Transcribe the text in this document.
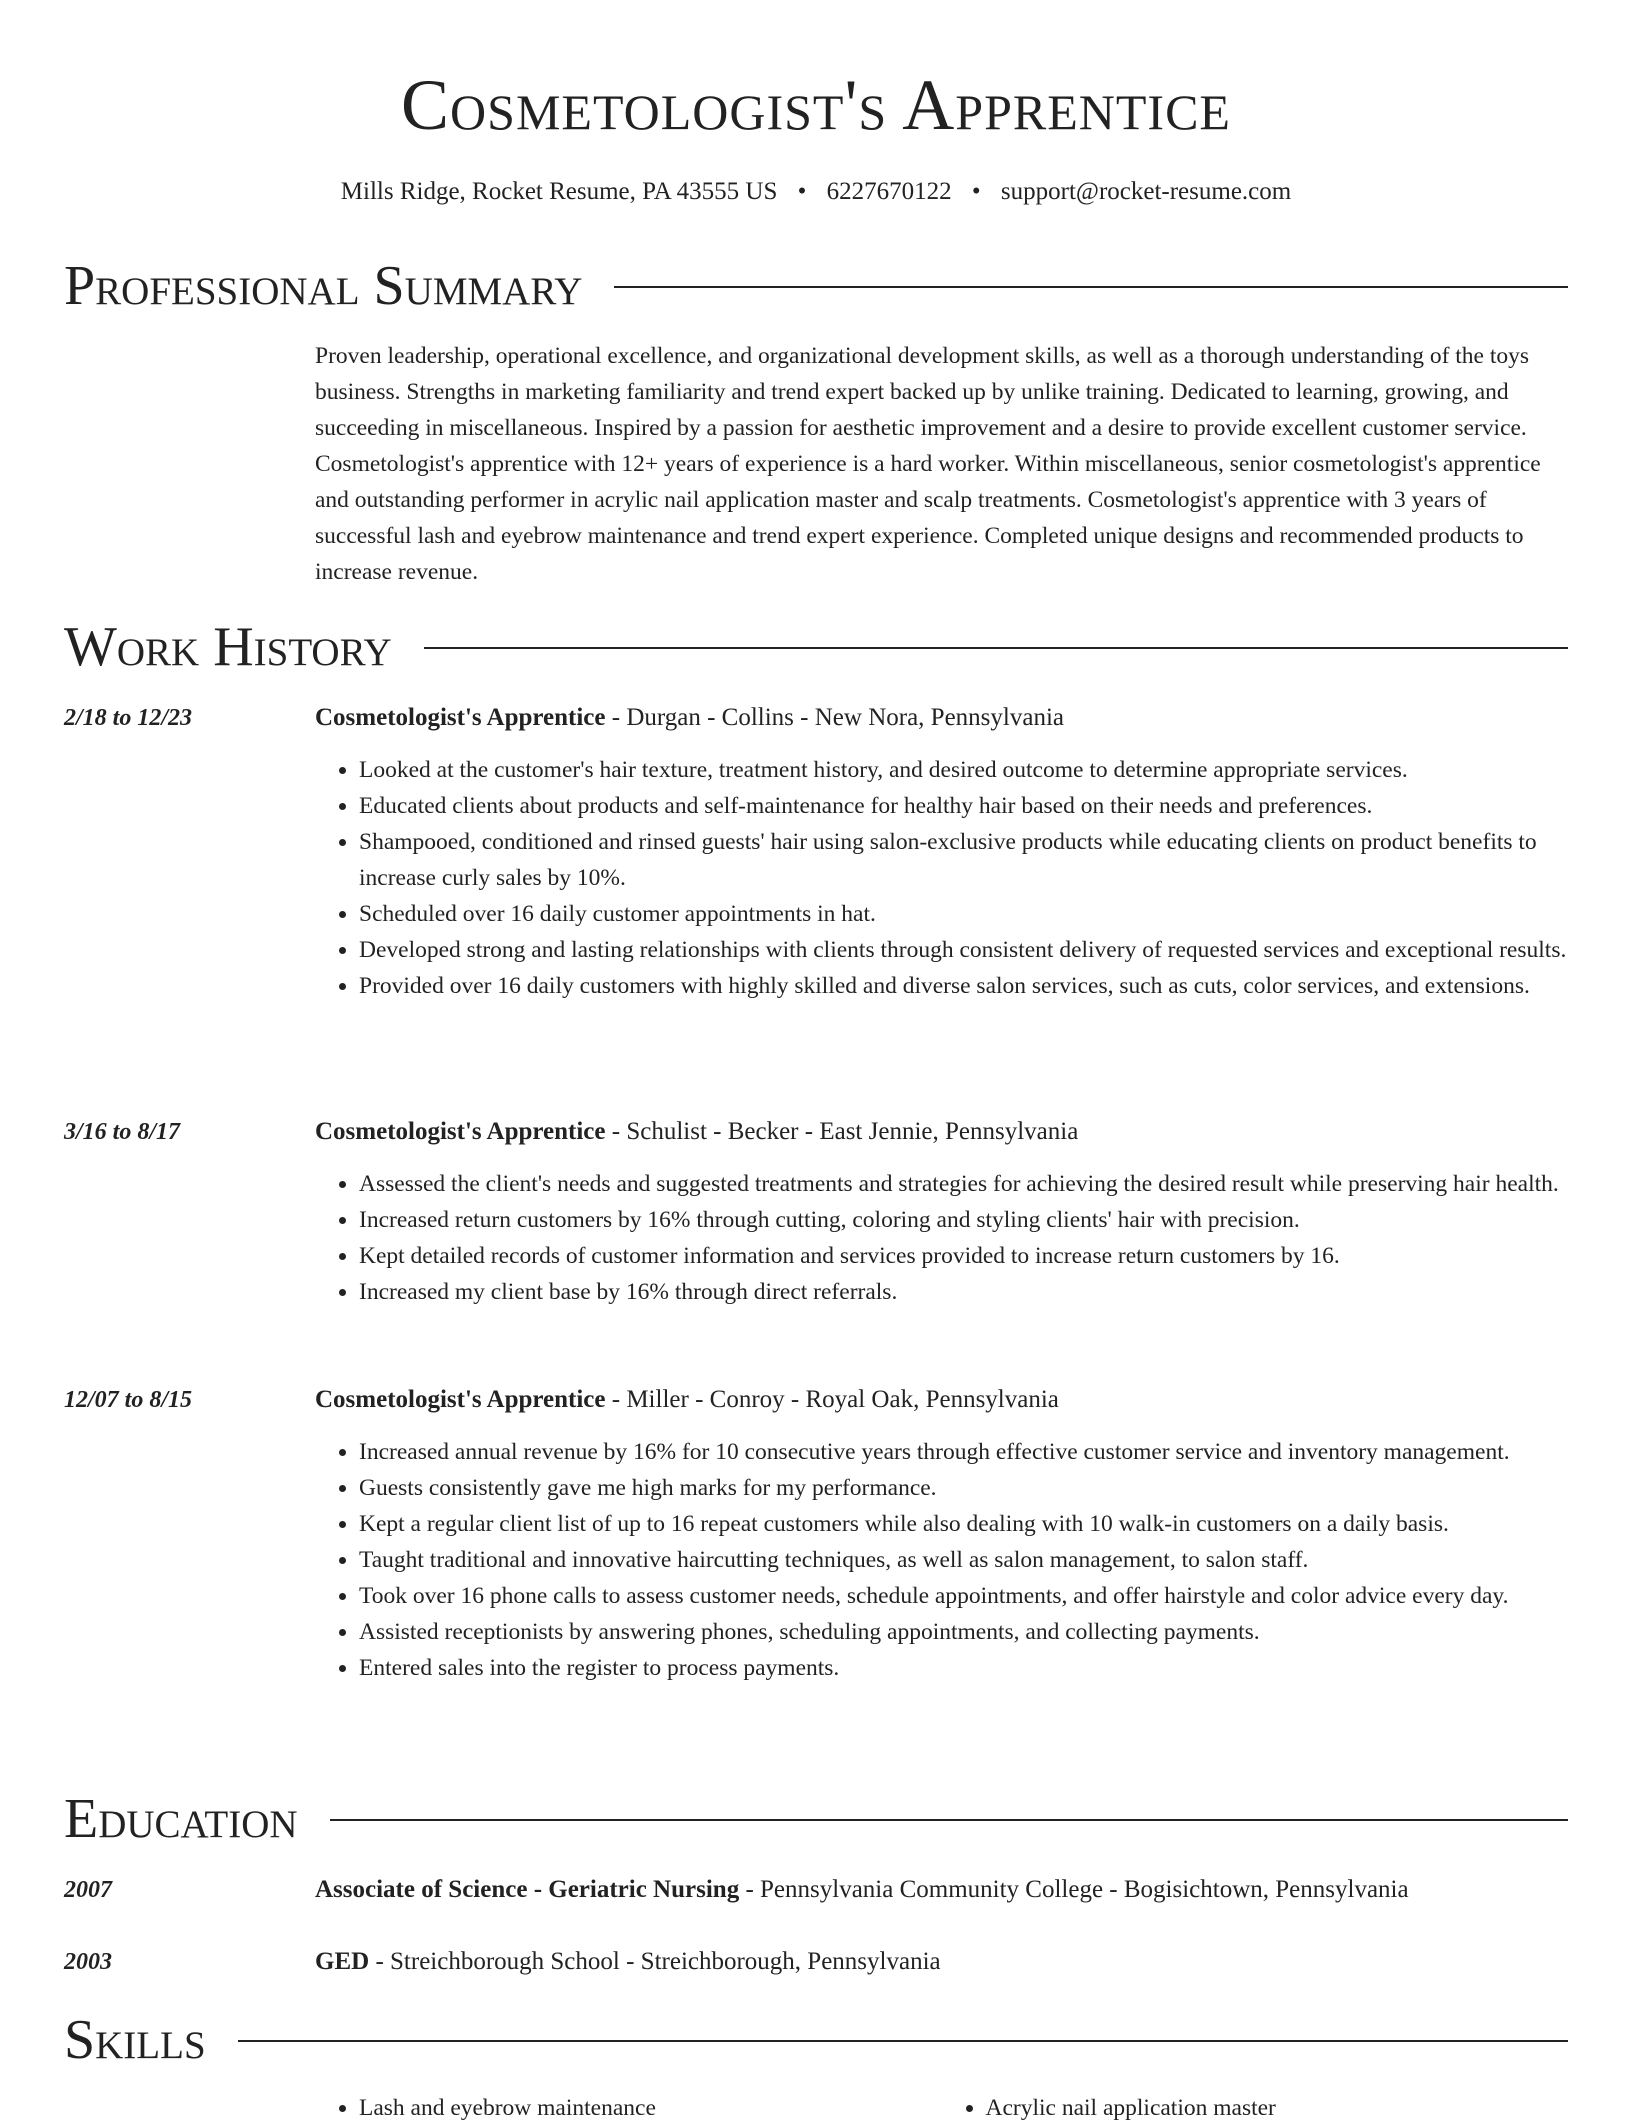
Cosmetologist's Apprentice
Mills Ridge, Rocket Resume, PA 43555 US • 6227670122 • support@rocket-resume.com
Professional Summary

Proven leadership, operational excellence, and organizational development skills, as well as a thorough understanding of the toys business. Strengths in marketing familiarity and trend expert backed up by unlike training. Dedicated to learning, growing, and succeeding in miscellaneous. Inspired by a passion for aesthetic improvement and a desire to provide excellent customer service. Cosmetologist's apprentice with 12+ years of experience is a hard worker. Within miscellaneous, senior cosmetologist's apprentice and outstanding performer in acrylic nail application master and scalp treatments. Cosmetologist's apprentice with 3 years of successful lash and eyebrow maintenance and trend expert experience. Completed unique designs and recommended products to increase revenue.

Work History
2/18 to 12/23	Cosmetologist's Apprentice - Durgan - Collins - New Nora, Pennsylvania
• Looked at the customer's hair texture, treatment history, and desired outcome to determine appropriate services.
• Educated clients about products and self-maintenance for healthy hair based on their needs and preferences.
• Shampooed, conditioned and rinsed guests' hair using salon-exclusive products while educating clients on product benefits to increase curly sales by 10%.
• Scheduled over 16 daily customer appointments in hat.
• Developed strong and lasting relationships with clients through consistent delivery of requested services and exceptional results.
• Provided over 16 daily customers with highly skilled and diverse salon services, such as cuts, color services, and extensions.
3/16 to 8/17	Cosmetologist's Apprentice - Schulist - Becker - East Jennie, Pennsylvania
• Assessed the client's needs and suggested treatments and strategies for achieving the desired result while preserving hair health.
• Increased return customers by 16% through cutting, coloring and styling clients' hair with precision.
• Kept detailed records of customer information and services provided to increase return customers by 16.
• Increased my client base by 16% through direct referrals.
12/07 to 8/15	Cosmetologist's Apprentice - Miller - Conroy - Royal Oak, Pennsylvania
• Increased annual revenue by 16% for 10 consecutive years through effective customer service and inventory management.
• Guests consistently gave me high marks for my performance.
• Kept a regular client list of up to 16 repeat customers while also dealing with 10 walk-in customers on a daily basis.
• Taught traditional and innovative haircutting techniques, as well as salon management, to salon staff.
• Took over 16 phone calls to assess customer needs, schedule appointments, and offer hairstyle and color advice every day.
• Assisted receptionists by answering phones, scheduling appointments, and collecting payments.
• Entered sales into the register to process payments.
Education
2007	Associate of Science - Geriatric Nursing - Pennsylvania Community College - Bogisichtown, Pennsylvania
2003	GED - Streichborough School - Streichborough, Pennsylvania
Skills
• Lash and eyebrow maintenance
•	Acrylic nail application master
